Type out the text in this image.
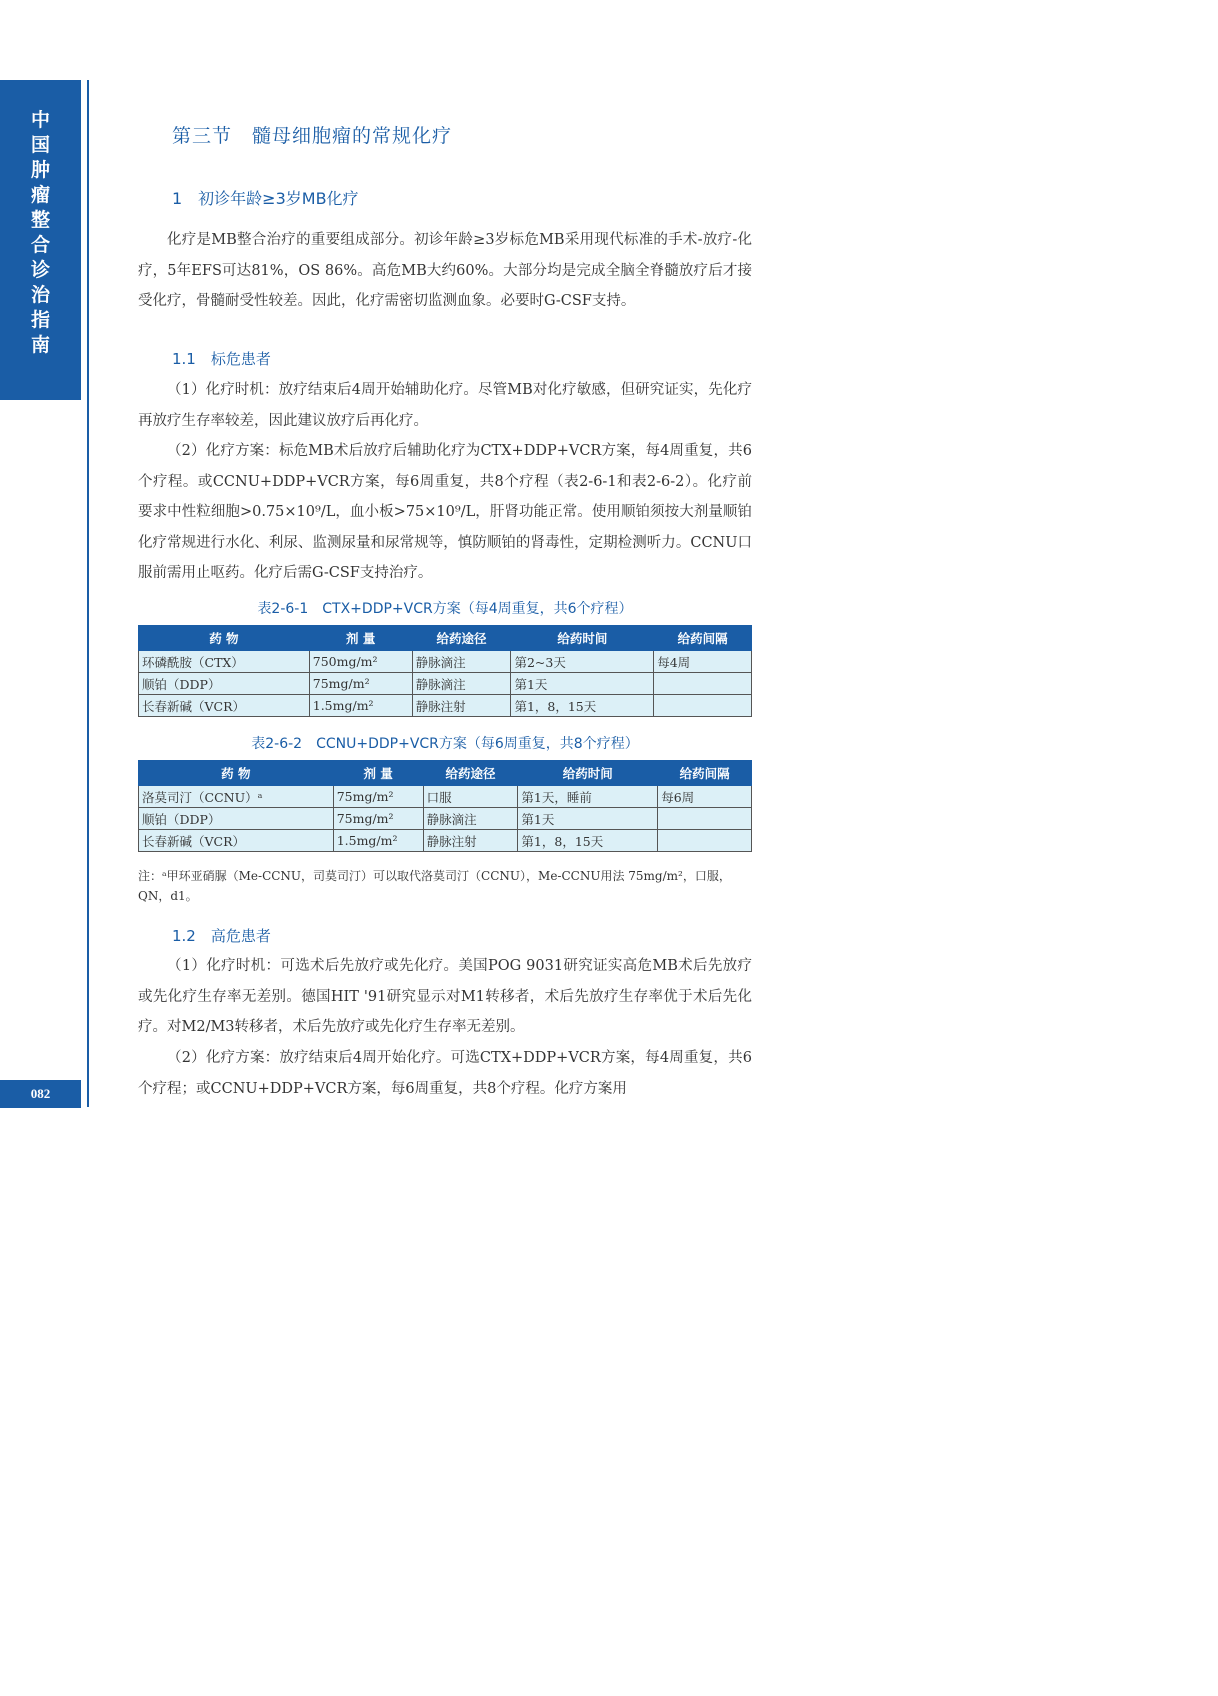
中
国
肿
瘤
整
合
诊
治
指
南
082
第三节　髓母细胞瘤的常规化疗
1　初诊年龄≥3岁MB化疗
化疗是MB整合治疗的重要组成部分。初诊年龄≥3岁标危MB采用现代标准的手术-放疗-化疗，5年EFS可达81%，OS 86%。高危MB大约60%。大部分均是完成全脑全脊髓放疗后才接受化疗，骨髓耐受性较差。因此，化疗需密切监测血象。必要时G-CSF支持。
1.1　标危患者
（1）化疗时机：放疗结束后4周开始辅助化疗。尽管MB对化疗敏感，但研究证实，先化疗再放疗生存率较差，因此建议放疗后再化疗。
（2）化疗方案：标危MB术后放疗后辅助化疗为CTX+DDP+VCR方案，每4周重复，共6个疗程。或CCNU+DDP+VCR方案，每6周重复，共8个疗程（表2-6-1和表2-6-2）。化疗前要求中性粒细胞>0.75×10⁹/L，血小板>75×10⁹/L，肝肾功能正常。使用顺铂须按大剂量顺铂化疗常规进行水化、利尿、监测尿量和尿常规等，慎防顺铂的肾毒性，定期检测听力。CCNU口服前需用止呕药。化疗后需G-CSF支持治疗。
表2-6-1　CTX+DDP+VCR方案（每4周重复，共6个疗程）
药 物	剂 量	给药途径	给药时间	给药间隔
环磷酰胺（CTX）	750mg/m²	静脉滴注	第2~3天	每4周
顺铂（DDP）	75mg/m²	静脉滴注	第1天	
长春新碱（VCR）	1.5mg/m²	静脉注射	第1，8，15天	
表2-6-2　CCNU+DDP+VCR方案（每6周重复，共8个疗程）
药 物	剂 量	给药途径	给药时间	给药间隔
洛莫司汀（CCNU）ᵃ	75mg/m²	口服	第1天，睡前	每6周
顺铂（DDP）	75mg/m²	静脉滴注	第1天	
长春新碱（VCR）	1.5mg/m²	静脉注射	第1，8，15天	
注：ᵃ甲环亚硝脲（Me-CCNU，司莫司汀）可以取代洛莫司汀（CCNU），Me-CCNU用法 75mg/m²，口服，QN，d1。
1.2　高危患者
（1）化疗时机：可选术后先放疗或先化疗。美国POG 9031研究证实高危MB术后先放疗或先化疗生存率无差别。德国HIT '91研究显示对M1转移者，术后先放疗生存率优于术后先化疗。对M2/M3转移者，术后先放疗或先化疗生存率无差别。
（2）化疗方案：放疗结束后4周开始化疗。可选CTX+DDP+VCR方案，每4周重复，共6个疗程；或CCNU+DDP+VCR方案，每6周重复，共8个疗程。化疗方案用
